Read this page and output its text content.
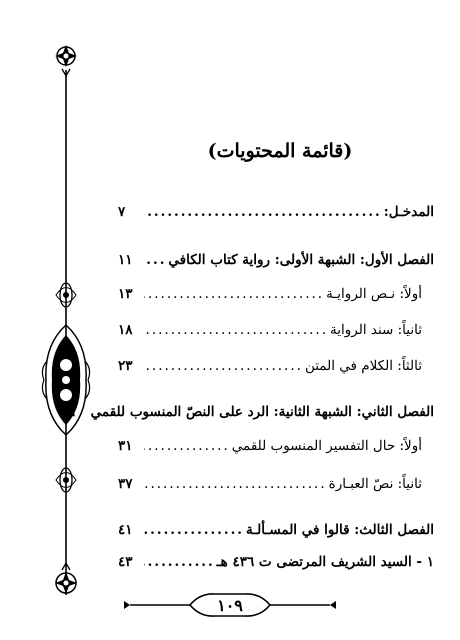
(قائمة المحتويات)
المدخـل:
.....
٧
الفصل الأول: الشبهة الأولى: رواية كتاب الكافي
.....
١١
أولاً: نـص الروايـة
.....
١٣
ثانياً: سند الرواية
.....
١٨
ثالثاً: الكلام في المتن
.....
٢٣
الفصل الثاني: الشبهة الثانية: الرد على النصّ المنسوب للقمي
.....
٢٩
أولاً: حال التفسير المنسوب للقمي
.....
٣١
ثانياً: نصّ العبـارة
.....
٣٧
الفصل الثالث: قالوا في المسـألـة
.....
٤١
١ - السيد الشريف المرتضى ت ٤٣٦ هـ
.....
٤٣
١٠٩
